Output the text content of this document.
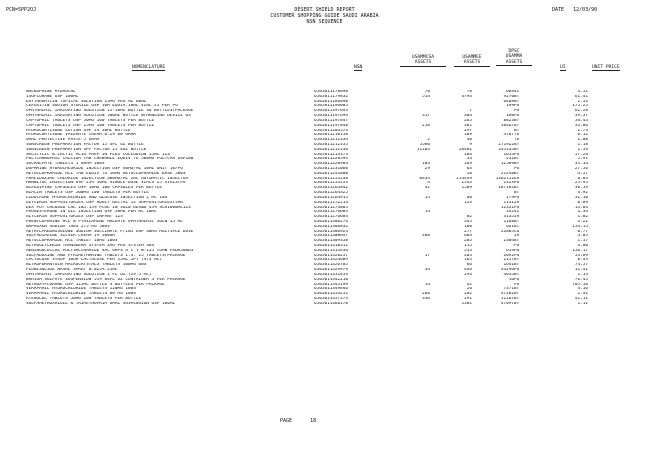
PCN=5PP2OJ	DESERT SHIELD REPORT
CUSTOMER SHOPPING GUIDE SAUDI ARABIA
NSN SEQUENCE
DATE 12/03/90
NOMENCLATURE	NSN
USAMMCSA
ASSETS
USAMMEE
ASSETS
DPSC
USAMMA
ASSETS
UI	UNIT PRICE
NALBUPHINE HYDROCHL	6505011178690	70	78	689	VI	3.52
ISOFLURANE USP 100ML	6505011179832	514	4794	9270	BT	61.41
ERYTHROMYCIN TOPICAL SOLUTION 15MG PER ML 60ML	6505011186098			6409	BT	2.53
CEFOXITIN SODIUM STERILE USP 10M EQUIV.10ML VIAL 25 PER PG	6505011196005			199	PG	175.25
OPHTHALMIC IRRIGATING SOLUTION 15-18ML BOTTLE 36 BOTTLES/PACKAGE	6505011197693		7		PG	62.28
OPHTHALMIC IRRIGATING SOLUTION 500ML BOTTLE W/HANGING DEVICE 6S	6505011197694	317	304	180	PG	39.37
CAPTOPRIL TABLETS USP 50MG 100 TABLETS PER BOTTLE	6505011197847		265	8823	BT	56.43
CAPTOPRIL TABLETS USP 25MG 100 TABLETS PER BOTTLE	6505011197848	218	361	10467	BT	33.86
HYDROCORTISONE LOTION USP 1% 30ML BOTTLE	6505011204574		297		BT	2.73
HYDROCORTISONE VALERATE CREAM 0.2% 60 GRAM	6505011210118		109	4787	TU	6.12
ORAL PROTECTIVE PASTE 5 GRAM	6505011212334	2	40		TU	1.08
SUNSCREEN PREPARATION FACTOR 15 4FL OZ BOTTLE	6505011212335	5580	9	271922	BT	1.18
SUNSCREEN PREPARATION SPF FACTOR 15 4OZ BOTTLE	6505011212336	11103	28462	335135	BT	1.59
SALICYLIC & LACTIC ACID PREP IN FLEX COLLODION 15ML 12S	6505011213373		104	1654	PG	57.26
POLYCARBOPHIL CALCIUM TAB CHEWABLE EQUIV TO 500MG POLYCAR USP100	6505011220594		54	232	BT	5.91
SUCRALFATE TABLETS 1 GRAM 100S	6505011220984	104	169	12509	BT	35.14
DOPAMINE HYDROCHLORIDE INJECTION USP 40MG/ML 10ML UNIT 10/PG	6505011231060	29	63		PG	27.56
METOCLOPRAMIDE HCL TAB EQUIV TO 10MG METOCLOPRAMIDE BASE 500S	6505011243800		58	21248	BT	4.57
PRALIDOXIME CHLORIDE INJECTION 300MG/ML 2ML AUTOMATIC INJECTOR	6505011253248	8433	214449	1362111	EA	8.03
MANNITOL INJECTION USP 25% 50ML SINGLE DOSE VIALS 25 VIALS/PG	6505011253253	4	2543	2323	PG	25.95
NIFEDIPINE CAPSULES USP 10MG 100 CAPSULES PER BOTTLE	6505011263842	42	1509	187182	BT	30.19
NIACIN TABLETS USP 500MG 100 TABLETS PER BOTTLE	6505011264325				BT	4.92
LIDOCAINE HYDROCHLORIDE AND GLUCOSE INJECTION 2 ML 10S	6505011264915	15	60	179	PG	32.10
GLYCERIN SUPPOSITORIES USP ADULT RECTAL 12 SUPPOSITORIES/JAR	6505011272214		123	1131	JR	0.89
DEX POT CHL&SOD CHL INJ.15% PCHL IN SOL& DEX&D 45% SCH1000ML12S	6505011274005			12331	PG	13.84
PROGESTERONE IN OIL INJECTION USP 50MG PER ML 10ML	6505011276683	14		142	VI	3.34
GLYCERIN SUPPOSITORIES USP INFANT 12S	6505011276684		82	3135	JR	1.02
PHENYLEPHRINE HCL & PYRILAMINE MALEATE OPHTHALMIC SOLN 15 ML	6505011306276		345	1168	BT	3.22
NAPROXEN SODIUM TABS 275 MG 500S	6505011306832		100	641	BT	154.15
METHYLPREDNISOLONE SODIUM SUCCINATE F/INJ USP 40MG MULTIPLE DOSE	6505011306924		277	22885	CO	0.77
SULFADIAZINE SILVER CREAM 1% 500GM	6505011308647	408	664		JR	3.05
METOCLOPRAMIDE HCL TABLET 10MG 100S	6505011309358		205	2304	BT	1.17
NITROGLYCERIN TRANSDERM SYSTEM 2MG PER SYSTEM 30S	6505011310311		115		PG	4.00
MENINGOCOCCAL POLYSACCHARIDE VAC GRPS A C Y W-135 COMB FRDR500DS	6505011313436		515	619	PG	156.17
SULFADOXINE AND PYRIMETHAMINE TABLETS I.S. 25 TABLETS/PACKAGE	6505011320257	17	203	2092	PG	53.89
LACTULOSE SYRUP 10GR LACTULOSE PER 15ML 1PT (473 ML)	6505011324609		165	2157	BT	8.43
NITROFURANTOIN MACROCRYSTALS TABLETS 100MG 60S	6505011326705		66	1641	BT	74.57
FLUNISOLIDE NASAL SPRAY 0.025% 25ML	6505011329979	34	446	34296	PG	11.41
OPHTHALMIC IRRIGATING SOLUTION 1 FL OZ (29.5 ML)	6505011331454		293	4035	BT	1.13
BARIUM SULFATE SUSPENSION 51% 84FL OZ CONTAINER 4 PER PACKAGE	6505011342210			16	PG	76.45
METHOXYFLURANE USP 125ML BOTTLE 4 BOTTLES PER PACKAGE	6505011343199	14	42		PG	705.50
VERAPAMIL HYDROCHLORIDE TABLETS 120MG 100S	6505011349846		26	7371	BT	4.16
VERAPAMIL HYDROCHLORIDE TABLETS 80 MG 100S	6505011354251	206	282	47282	BT	2.92
ATENOLOL TABLETS 50MG 100 TABLETS PER BOTTLE	6505011357373	336	291	52167	BT	41.11
SULFAMETHOXAZOLE & TRIMETHOPRIM ORAL SUSPENSION USP 100ML	6505011368178		1301	47097	BT	1.11
PAGE	18
